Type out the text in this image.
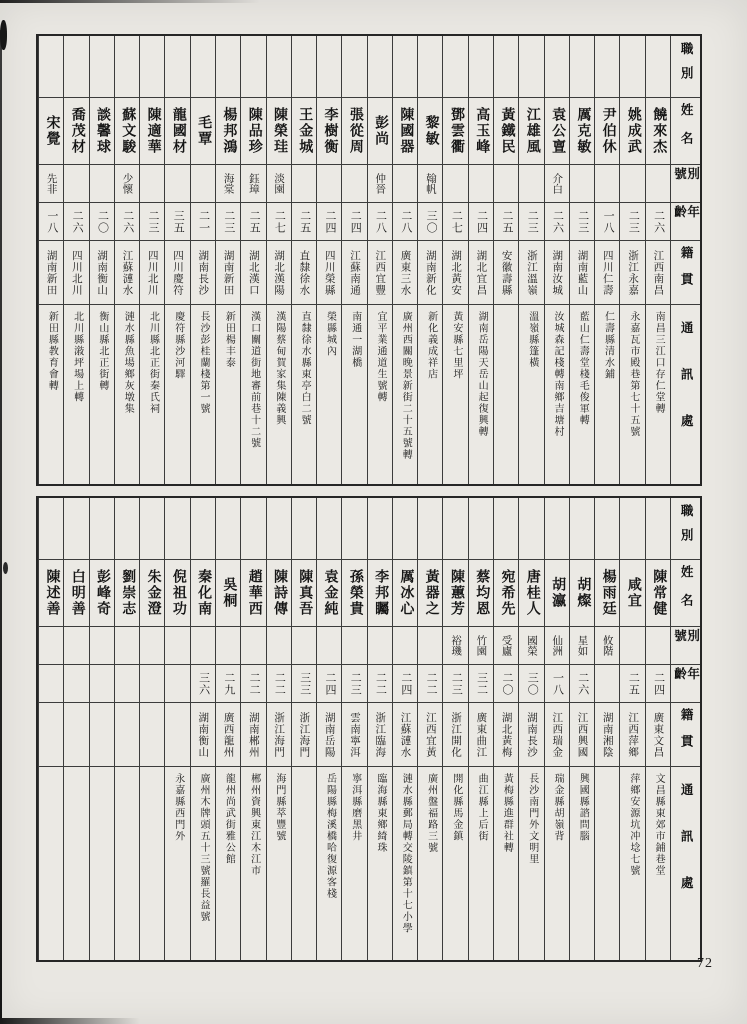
職別
姓名
別號
年齡
籍貫
通訊處
饒來杰
二六
江西南昌
南昌三江口存仁堂轉
姚成武
二三
浙江永嘉
永嘉瓦市殿巷第七十五號
尹伯休
一八
四川仁壽
仁壽縣清水鋪
厲克敏
二三
湖南藍山
藍山仁壽堂棧毛俊軍轉
袁公亶
介白
二六
湖南汝城
汝城森記棧轉南鄉吉塘村
江雄風
二三
浙江溫嶺
溫嶺縣篷橫
黃鐵民
二五
安徽壽縣
高玉峰
二四
湖北宜昌
湖南岳陽天岳山起復興轉
鄧雲衢
二七
湖北黃安
黃安縣七里坪
黎敏
翰帆
三〇
湖南新化
新化義成祥店
陳國器
二八
廣東三水
廣州西關晚景新街二十五號轉
彭尚
仲晉
二八
江西宜豐
宜平業通道生號轉
張從周
二四
江蘇南通
南通一湖橋
李樹衡
二四
四川榮縣
榮縣城內
王金城
二五
直隸徐水
直隸徐水縣東亭白二號
陳榮珪
淡園
二七
湖北漢陽
漢陽蔡甸賀家集陳義興
陳品珍
鈺璋
二五
湖北漢口
漢口關道街地審前巷十二號
楊邦鴻
海棠
二三
湖南新田
新田楊丰泰
毛覃
二一
湖南長沙
長沙彭桂蘭棧第一號
龍國材
三五
四川慶符
慶符縣沙河驛
陳適華
二三
四川北川
北川縣北正街秦氏祠
蘇文駿
少懷
二六
江蘇漣水
漣水縣魚場鄉灰墩集
談馨球
二〇
湖南衡山
衡山縣北正街轉
喬茂材
二六
四川北川
北川縣潊坪場上轉
宋覺
先非
一八
湖南新田
新田縣教育會轉
職別
姓名
別號
年齡
籍貫
通訊處
陳常健
二四
廣東文昌
文昌縣東郊市鋪巷堂
咸宜
二五
江西萍鄉
萍鄉安源坑冲埝七號
楊雨廷
攸階
湖南湘陰
胡燦
星如
二六
江西興國
興國縣諮問腦
胡瀛
仙洲
一八
江西瑞金
瑞金縣胡嶺背
唐桂人
國榮
三〇
湖南長沙
長沙南門外文明里
宛希先
受廬
二〇
湖北黃梅
黃梅縣進群社轉
蔡均恩
竹園
三二
廣東曲江
曲江縣上后街
陳蕙芳
裕璣
二三
浙江開化
開化縣馬金鎮
黃器之
二二
江西宜黃
廣州盤福路三號
厲冰心
二四
江蘇漣水
漣水縣郵局轉交陵鎮第十七小學
李邦矚
二二
浙江臨海
臨海縣東鄉綺珠
孫榮貴
二三
雲南寧洱
寧洱縣磨黑井
袁金純
二四
湖南岳陽
岳陽縣梅溪橋哈復源客棧
陳真吾
三三
浙江海門
陳詩傳
二二
浙江海門
海門縣萃豐號
趙華西
二二
湖南郴州
郴州資興東江木江市
吳桐
二九
廣西龍州
龍州尚武街雅公館
秦化南
三六
湖南衡山
廣州木牌頭五十三號羅長益號
倪祖功
永嘉縣西門外
朱金澄
劉崇志
彭峰奇
白明善
陳述善
72
